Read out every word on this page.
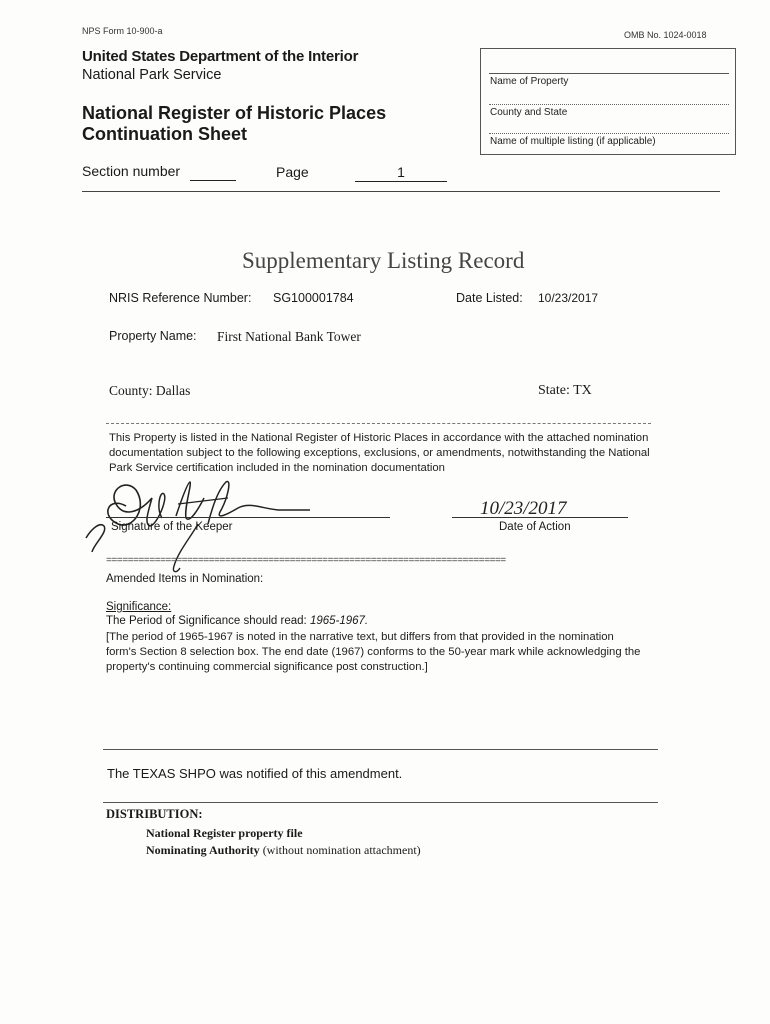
NPS Form 10-900-a	OMB No. 1024-0018
United States Department of the Interior
National Park Service
National Register of Historic Places
Continuation Sheet
Name of Property
County and State
Name of multiple listing (if applicable)
Section number	Page	1
Supplementary Listing Record
NRIS Reference Number: SG100001784	Date Listed: 10/23/2017
Property Name: First National Bank Tower
County: Dallas	State: TX
This Property is listed in the National Register of Historic Places in accordance with the attached nomination documentation subject to the following exceptions, exclusions, or amendments, notwithstanding the National Park Service certification included in the nomination documentation
10/23/2017
Signature of the Keeper	Date of Action
==========================================================================
Amended Items in Nomination:
Significance:
The Period of Significance should read: 1965-1967.
[The period of 1965-1967 is noted in the narrative text, but differs from that provided in the nomination form's Section 8 selection box. The end date (1967) conforms to the 50-year mark while acknowledging the property's continuing commercial significance post construction.]
The TEXAS SHPO was notified of this amendment.
DISTRIBUTION:
National Register property file
Nominating Authority (without nomination attachment)
